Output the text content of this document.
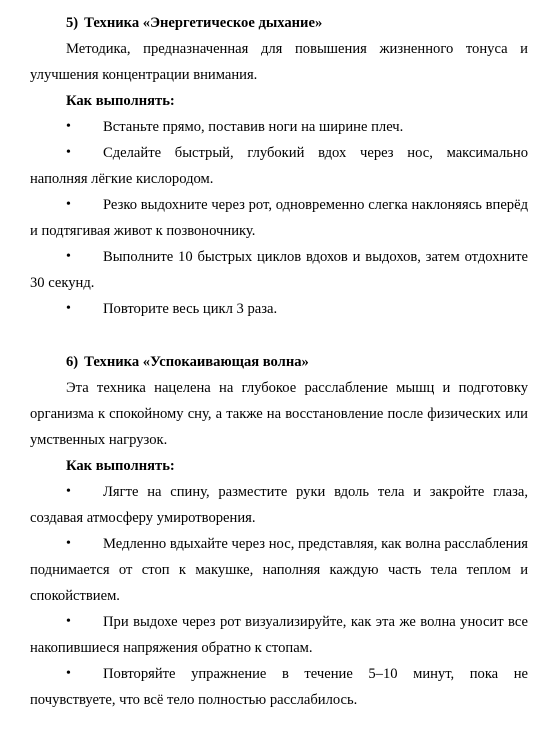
5) Техника «Энергетическое дыхание»

Методика, предназначенная для повышения жизненного тонуса и улучшения концентрации внимания.

Как выполнять:

• Встаньте прямо, поставив ноги на ширине плеч.
• Сделайте быстрый, глубокий вдох через нос, максимально наполняя лёгкие кислородом.
• Резко выдохните через рот, одновременно слегка наклоняясь вперёд и подтягивая живот к позвоночнику.
• Выполните 10 быстрых циклов вдохов и выдохов, затем отдохните 30 секунд.
• Повторите весь цикл 3 раза.

6) Техника «Успокаивающая волна»

Эта техника нацелена на глубокое расслабление мышц и подготовку организма к спокойному сну, а также на восстановление после физических или умственных нагрузок.

Как выполнять:

• Лягте на спину, разместите руки вдоль тела и закройте глаза, создавая атмосферу умиротворения.
• Медленно вдыхайте через нос, представляя, как волна расслабления поднимается от стоп к макушке, наполняя каждую часть тела теплом и спокойствием.
• При выдохе через рот визуализируйте, как эта же волна уносит все накопившиеся напряжения обратно к стопам.
• Повторяйте упражнение в течение 5–10 минут, пока не почувствуете, что всё тело полностью расслабилось.
